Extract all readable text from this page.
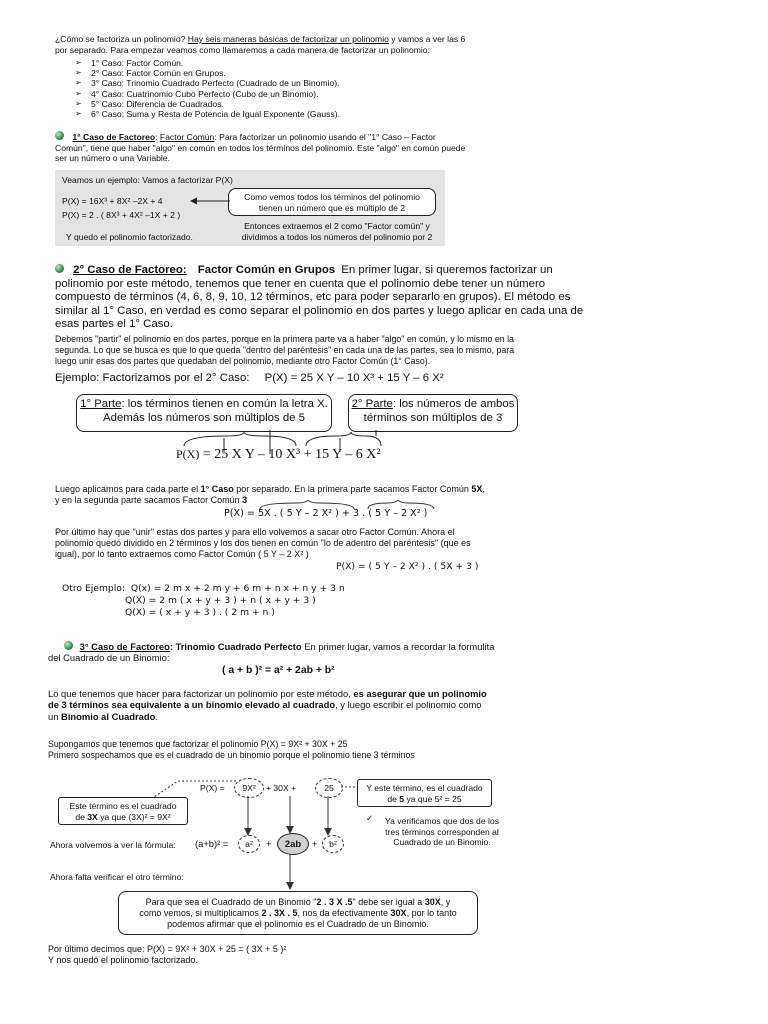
¿Cómo se factoriza un polinomio? Hay seis maneras básicas de factorizar un polinomio y vamos a ver las 6
por separado. Para empezar veamos como llamaremos a cada manera de factorizar un polinomio:
➢ 1° Caso: Factor Común.
➢ 2° Caso: Factor Común en Grupos.
➢ 3° Caso: Trinomio Cuadrado Perfecto (Cuadrado de un Binomio).
➢ 4° Caso: Cuatrinomio Cubo Perfecto (Cubo de un Binomio).
➢ 5° Caso: Diferencia de Cuadrados.
➢ 6° Caso: Suma y Resta de Potencia de Igual Exponente (Gauss).
1° Caso de Factoreo: Factor Común: Para factorizar un polinomio usando el "1° Caso – Factor
Común", tiene que haber "algo" en común en todos los términos del polinomio. Este "algo" en común puede
ser un número o una Variable.
Veamos un ejemplo: Vamos a factorizar P(X)
P(X) = 16X³ + 8X² –2X + 4
P(X) = 2 . ( 8X³ + 4X² –1X + 2 )
Y quedo el polinomio factorizado.
Como vemos todos los términos del polinomio
tienen un número que es múltiplo de 2
Entonces extraemos el 2 como "Factor común" y
dividimos a todos los números del polinomio por 2
2° Caso de Factoreo: Factor Común en Grupos En primer lugar, si queremos factorizar un
polinomio por este método, tenemos que tener en cuenta que el polinomio debe tener un número
compuesto de términos (4, 6, 8, 9, 10, 12 términos, etc para poder separarlo en grupos). El método es
similar al 1° Caso, en verdad es como separar el polinomio en dos partes y luego aplicar en cada una de
esas partes el 1° Caso.
Debemos "partir" el polinomio en dos partes, porque en la primera parte va a haber "algo" en común, y lo mismo en la
segunda. Lo que se busca es que lo que queda "dentro del paréntesis" en cada una de las partes, sea lo mismo, para
luego unir esas dos partes que quedaban del polinomio, mediante otro Factor Común (1° Caso).
Ejemplo: Factorizamos por el 2° Caso: P(X) = 25 X Y – 10 X³ + 15 Y – 6 X²
1° Parte: los términos tienen en común la letra X.
Además los números son múltiplos de 5
2° Parte: los números de ambos
términos son múltiplos de 3
P(X) = 25 X Y – 10 X³ + 15 Y – 6 X²
Luego aplicamos para cada parte el 1° Caso por separado. En la primera parte sacamos Factor Común 5X,
y en la segunda parte sacamos Factor Común 3
P(X) = 5X . ( 5 Y – 2 X² ) + 3 . ( 5 Y – 2 X² )
Por último hay que "unir" estas dos partes y para ello volvemos a sacar otro Factor Común. Ahora el
polinomio quedó dividido en 2 términos y los dos tienen en común "lo de adentro del paréntesis" (que es
igual), por lo tanto extraemos como Factor Común ( 5 Y – 2 X² )
P(X) = ( 5 Y – 2 X² ) . ( 5X + 3 )
Otro Ejemplo: Q(x) = 2 m x + 2 m y + 6 m + n x + n y + 3 n
Q(X) = 2 m ( x + y + 3 ) + n ( x + y + 3 )
Q(X) = ( x + y + 3 ) . ( 2 m + n )
3° Caso de Factoreo: Trinomio Cuadrado Perfecto En primer lugar, vamos a recordar la formulita
del Cuadrado de un Binomio:
( a + b )² = a² + 2ab + b²
Lo que tenemos que hacer para factorizar un polinomio por este método, es asegurar que un polinomio
de 3 términos sea equivalente a un binomio elevado al cuadrado, y luego escribir el polinomio como
un Binomio al Cuadrado.
Supongamos que tenemos que factorizar el polinomio P(X) = 9X² + 30X + 25
Primero sospechamos que es el cuadrado de un binomio porque el polinomio tiene 3 términos
P(X) =	9X²	+ 30X +	25
Este término es el cuadrado
de 3X ya que (3X)² = 9X²
Y este término, es el cuadrado
de 5 ya que 5² = 25
✓	Ya verificamos que dos de los
tres términos corresponden al
Cuadrado de un Binomio.
Ahora volvemos a ver la fórmula: (a+b)² =	a²	+	2ab	+	b²
Ahora falta verificar el otro término:
Para que sea el Cuadrado de un Binomio "2 . 3 X .5" debe ser igual a 30X, y
como vemos, si multiplicamos 2 . 3X . 5, nos da efectivamente 30X, por lo tanto
podemos afirmar que el polinomio es el Cuadrado de un Binomio.
Por último decimos que: P(X) = 9X² + 30X + 25 = ( 3X + 5 )²
Y nos quedó el polinomio factorizado.
